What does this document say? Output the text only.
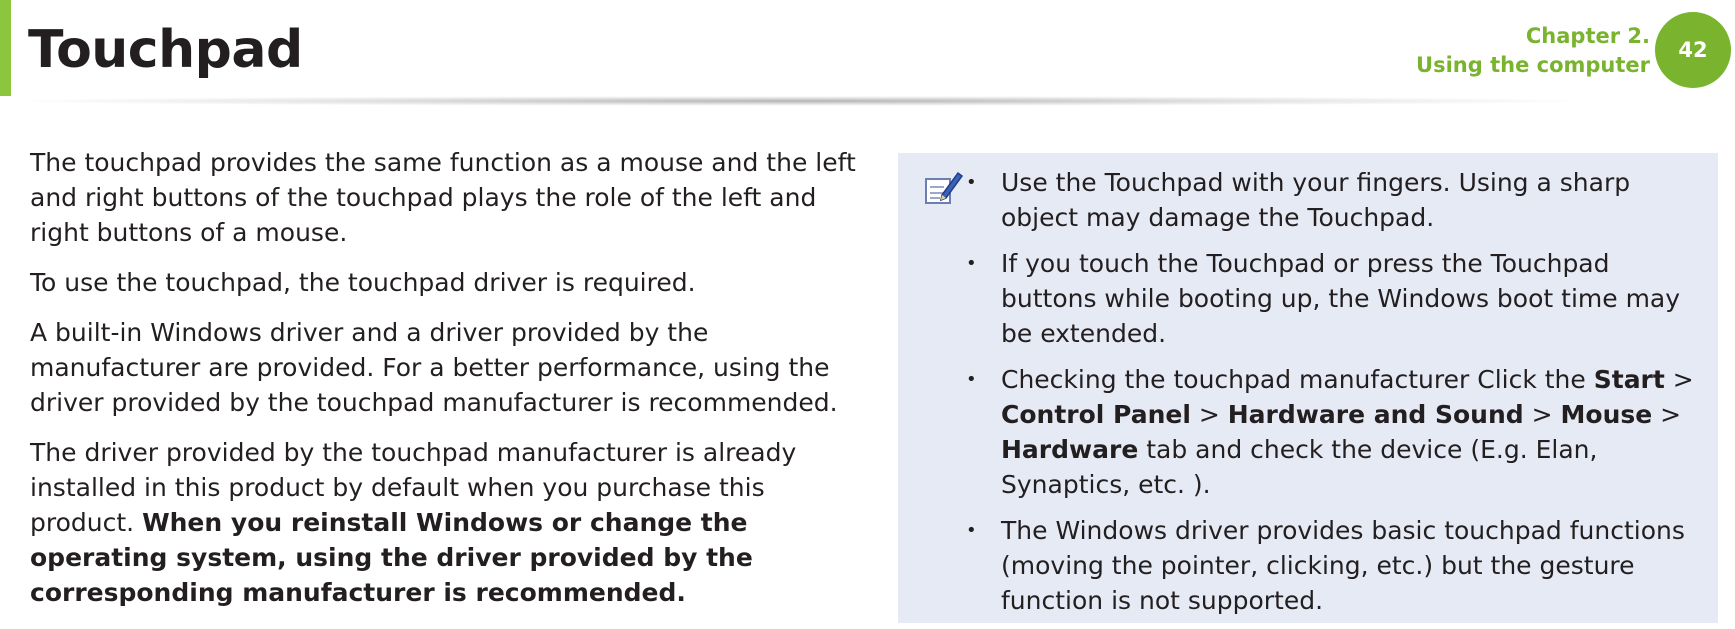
Touchpad	Chapter 2.
Using the computer
42

The touchpad provides the same function as a mouse and the left and right buttons of the touchpad plays the role of the left and right buttons of a mouse.

To use the touchpad, the touchpad driver is required.

A built-in Windows driver and a driver provided by the manufacturer are provided. For a better performance, using the driver provided by the touchpad manufacturer is recommended.

The driver provided by the touchpad manufacturer is already installed in this product by default when you purchase this product. When you reinstall Windows or change the operating system, using the driver provided by the corresponding manufacturer is recommended.

• Use the Touchpad with your fingers. Using a sharp object may damage the Touchpad.
• If you touch the Touchpad or press the Touchpad buttons while booting up, the Windows boot time may be extended.
• Checking the touchpad manufacturer Click the Start > Control Panel > Hardware and Sound > Mouse > Hardware tab and check the device (E.g. Elan, Synaptics, etc. ).
• The Windows driver provides basic touchpad functions (moving the pointer, clicking, etc.) but the gesture function is not supported.
